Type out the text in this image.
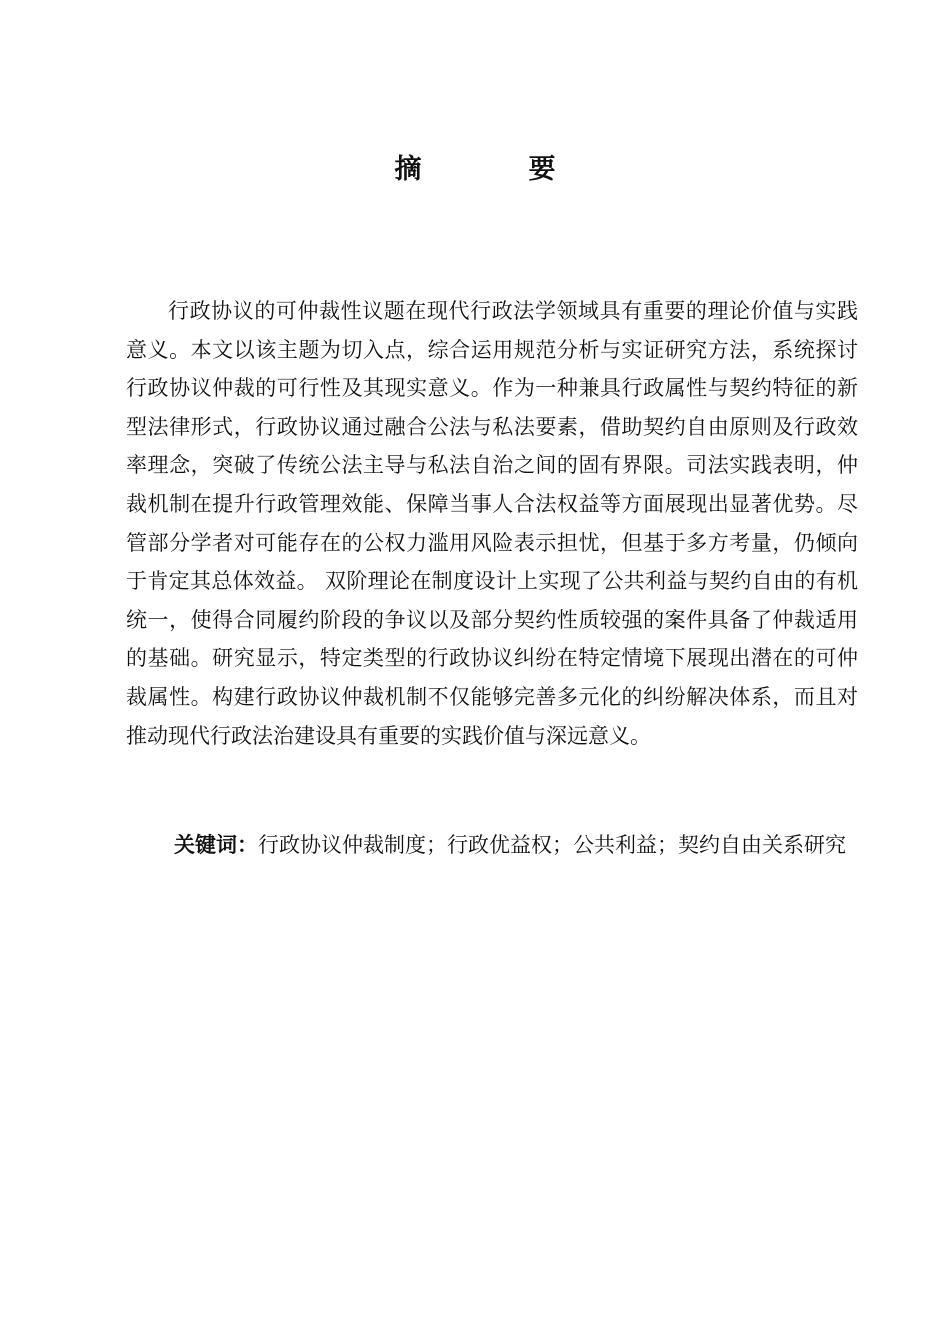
摘　要

行政协议的可仲裁性议题在现代行政法学领域具有重要的理论价值与实践意义。本文以该主题为切入点，综合运用规范分析与实证研究方法，系统探讨行政协议仲裁的可行性及其现实意义。作为一种兼具行政属性与契约特征的新型法律形式，行政协议通过融合公法与私法要素，借助契约自由原则及行政效率理念，突破了传统公法主导与私法自治之间的固有界限。司法实践表明，仲裁机制在提升行政管理效能、保障当事人合法权益等方面展现出显著优势。尽管部分学者对可能存在的公权力滥用风险表示担忧，但基于多方考量，仍倾向于肯定其总体效益。 双阶理论在制度设计上实现了公共利益与契约自由的有机统一，使得合同履约阶段的争议以及部分契约性质较强的案件具备了仲裁适用的基础。研究显示，特定类型的行政协议纠纷在特定情境下展现出潜在的可仲裁属性。构建行政协议仲裁机制不仅能够完善多元化的纠纷解决体系，而且对推动现代行政法治建设具有重要的实践价值与深远意义。

关键词：行政协议仲裁制度；行政优益权；公共利益；契约自由关系研究
